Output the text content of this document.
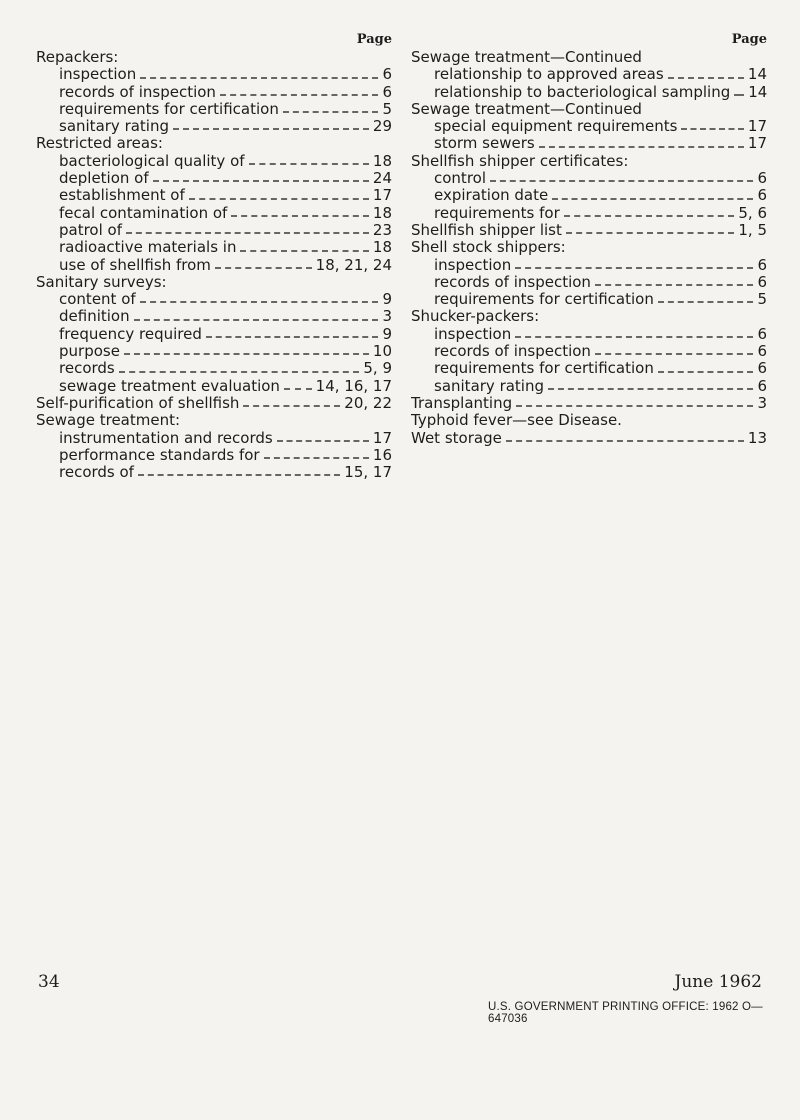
Page
Repackers:
inspection	6
records of inspection	6
requirements for certification	5
sanitary rating	29
Restricted areas:
bacteriological quality of	18
depletion of	24
establishment of	17
fecal contamination of	18
patrol of	23
radioactive materials in	18
use of shellfish from	18, 21, 24
Sanitary surveys:
content of	9
definition	3
frequency required	9
purpose	10
records	5, 9
sewage treatment evaluation 14, 16, 17
Self-purification of shellfish	20, 22
Sewage treatment:
instrumentation and records	17
performance standards for	16
records of	15, 17
Page
Sewage treatment—Continued
relationship to approved areas	14
relationship to bacteriological sampling 14
Sewage treatment—Continued
special equipment requirements	17
storm sewers	17
Shellfish shipper certificates:
control	6
expiration date	6
requirements for	5, 6
Shellfish shipper list	1, 5
Shell stock shippers:
inspection	6
records of inspection	6
requirements for certification	5
Shucker-packers:
inspection	6
records of inspection	6
requirements for certification	6
sanitary rating	6
Transplanting	3
Typhoid fever—see Disease.
Wet storage	13
34	June 1962
U.S. GOVERNMENT PRINTING OFFICE: 1962 O—647036
